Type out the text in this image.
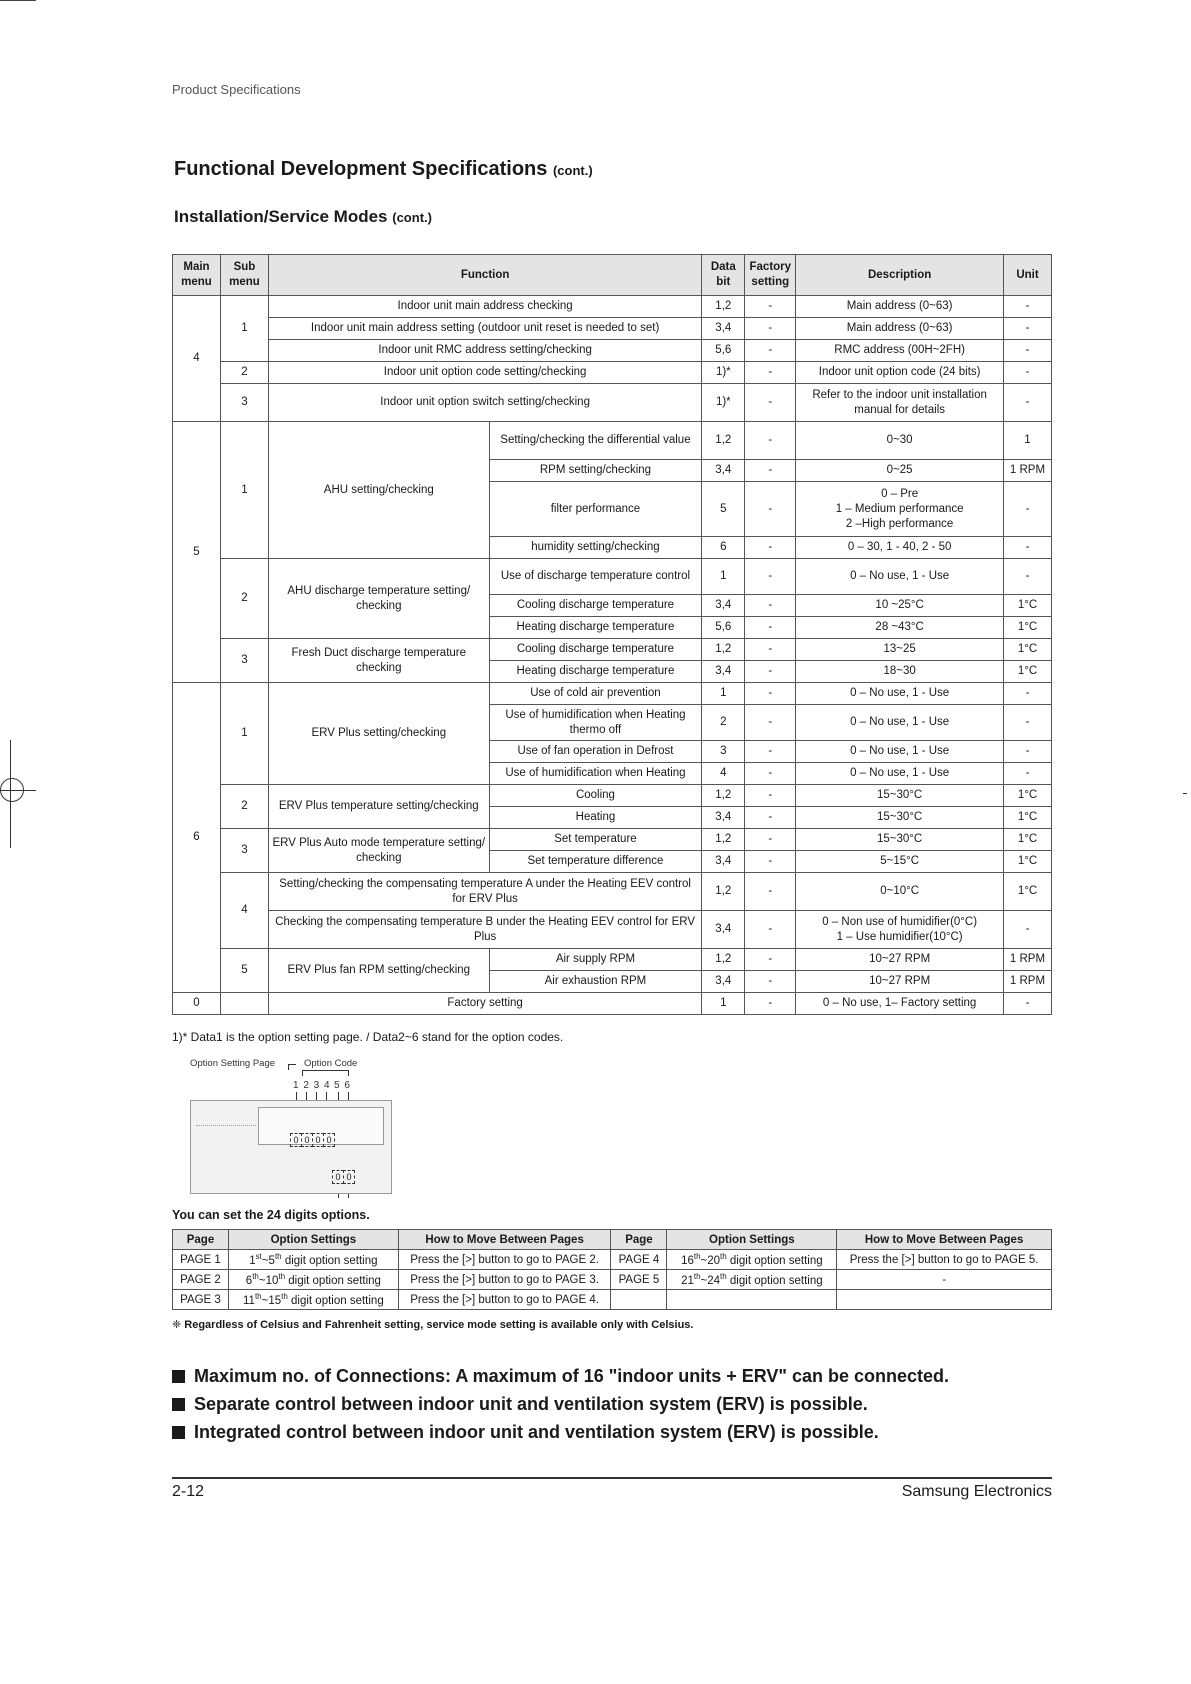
Product Specifications
Functional Development Specifications (cont.)
Installation/Service Modes (cont.)
Main menu	Sub menu	Function		Data bit	Factory setting	Description	Unit
4	1	Indoor unit main address checking		1,2	-	Main address (0~63)	-
		Indoor unit main address setting (outdoor unit reset is needed to set)		3,4	-	Main address (0~63)	-
		Indoor unit RMC address setting/checking		5,6	-	RMC address (00H~2FH)	-
	2	Indoor unit option code setting/checking		1)*	-	Indoor unit option code (24 bits)	-
	3	Indoor unit option switch setting/checking		1)*	-	Refer to the indoor unit installation manual for details	-
5	1	AHU setting/checking	Setting/checking the differential value	1,2	-	0~30	1
			RPM setting/checking	3,4	-	0~25	1 RPM
			filter performance	5	-	0 – Pre
1 – Medium performance
2 –High performance	-
			humidity setting/checking	6	-	0 – 30, 1 - 40, 2 - 50	-
	2	AHU discharge temperature setting/ checking	Use of discharge temperature control	1	-	0 – No use, 1 - Use	-
			Cooling discharge temperature	3,4	-	10 ~25°C	1°C
			Heating discharge temperature	5,6	-	28 ~43°C	1°C
	3	Fresh Duct discharge temperature checking	Cooling discharge temperature	1,2	-	13~25	1°C
			Heating discharge temperature	3,4	-	18~30	1°C
6	1	ERV Plus setting/checking	Use of cold air prevention	1	-	0 – No use, 1 - Use	-
			Use of humidification when Heating thermo off	2	-	0 – No use, 1 - Use	-
			Use of fan operation in Defrost	3	-	0 – No use, 1 - Use	-
			Use of humidification when Heating	4	-	0 – No use, 1 - Use	-
	2	ERV Plus temperature setting/checking	Cooling	1,2	-	15~30°C	1°C
			Heating	3,4	-	15~30°C	1°C
	3	ERV Plus Auto mode temperature setting/ checking	Set temperature	1,2	-	15~30°C	1°C
			Set temperature difference	3,4	-	5~15°C	1°C
	4	Setting/checking the compensating temperature A under the Heating EEV control for ERV Plus		1,2	-	0~10°C	1°C
		Checking the compensating temperature B under the Heating EEV control for ERV Plus		3,4	-	0 – Non use of humidifier(0°C)
1 – Use humidifier(10°C)	-
	5	ERV Plus fan RPM setting/checking	Air supply RPM	1,2	-	10~27 RPM	1 RPM
			Air exhaustion RPM	3,4	-	10~27 RPM	1 RPM
0		Factory setting		1	-	0 – No use, 1– Factory setting	-
1)* Data1 is the option setting page. / Data2~6 stand for the option codes.
Option Setting Page	Option Code
1 2 3 4 5 6
0 0 0 0
0 0
You can set the 24 digits options.
Page	Option Settings	How to Move Between Pages	Page	Option Settings	How to Move Between Pages
PAGE 1	1st~5th digit option setting	Press the [>] button to go to PAGE 2.	PAGE 4	16th~20th digit option setting	Press the [>] button to go to PAGE 5.
PAGE 2	6th~10th digit option setting	Press the [>] button to go to PAGE 3.	PAGE 5	21th~24th digit option setting	-
PAGE 3	11th~15th digit option setting	Press the [>] button to go to PAGE 4.			
❈ Regardless of Celsius and Fahrenheit setting, service mode setting is available only with Celsius.
Maximum no. of Connections: A maximum of 16 "indoor units + ERV" can be connected.
Separate control between indoor unit and ventilation system (ERV) is possible.
Integrated control between indoor unit and ventilation system (ERV) is possible.
2-12	Samsung Electronics
